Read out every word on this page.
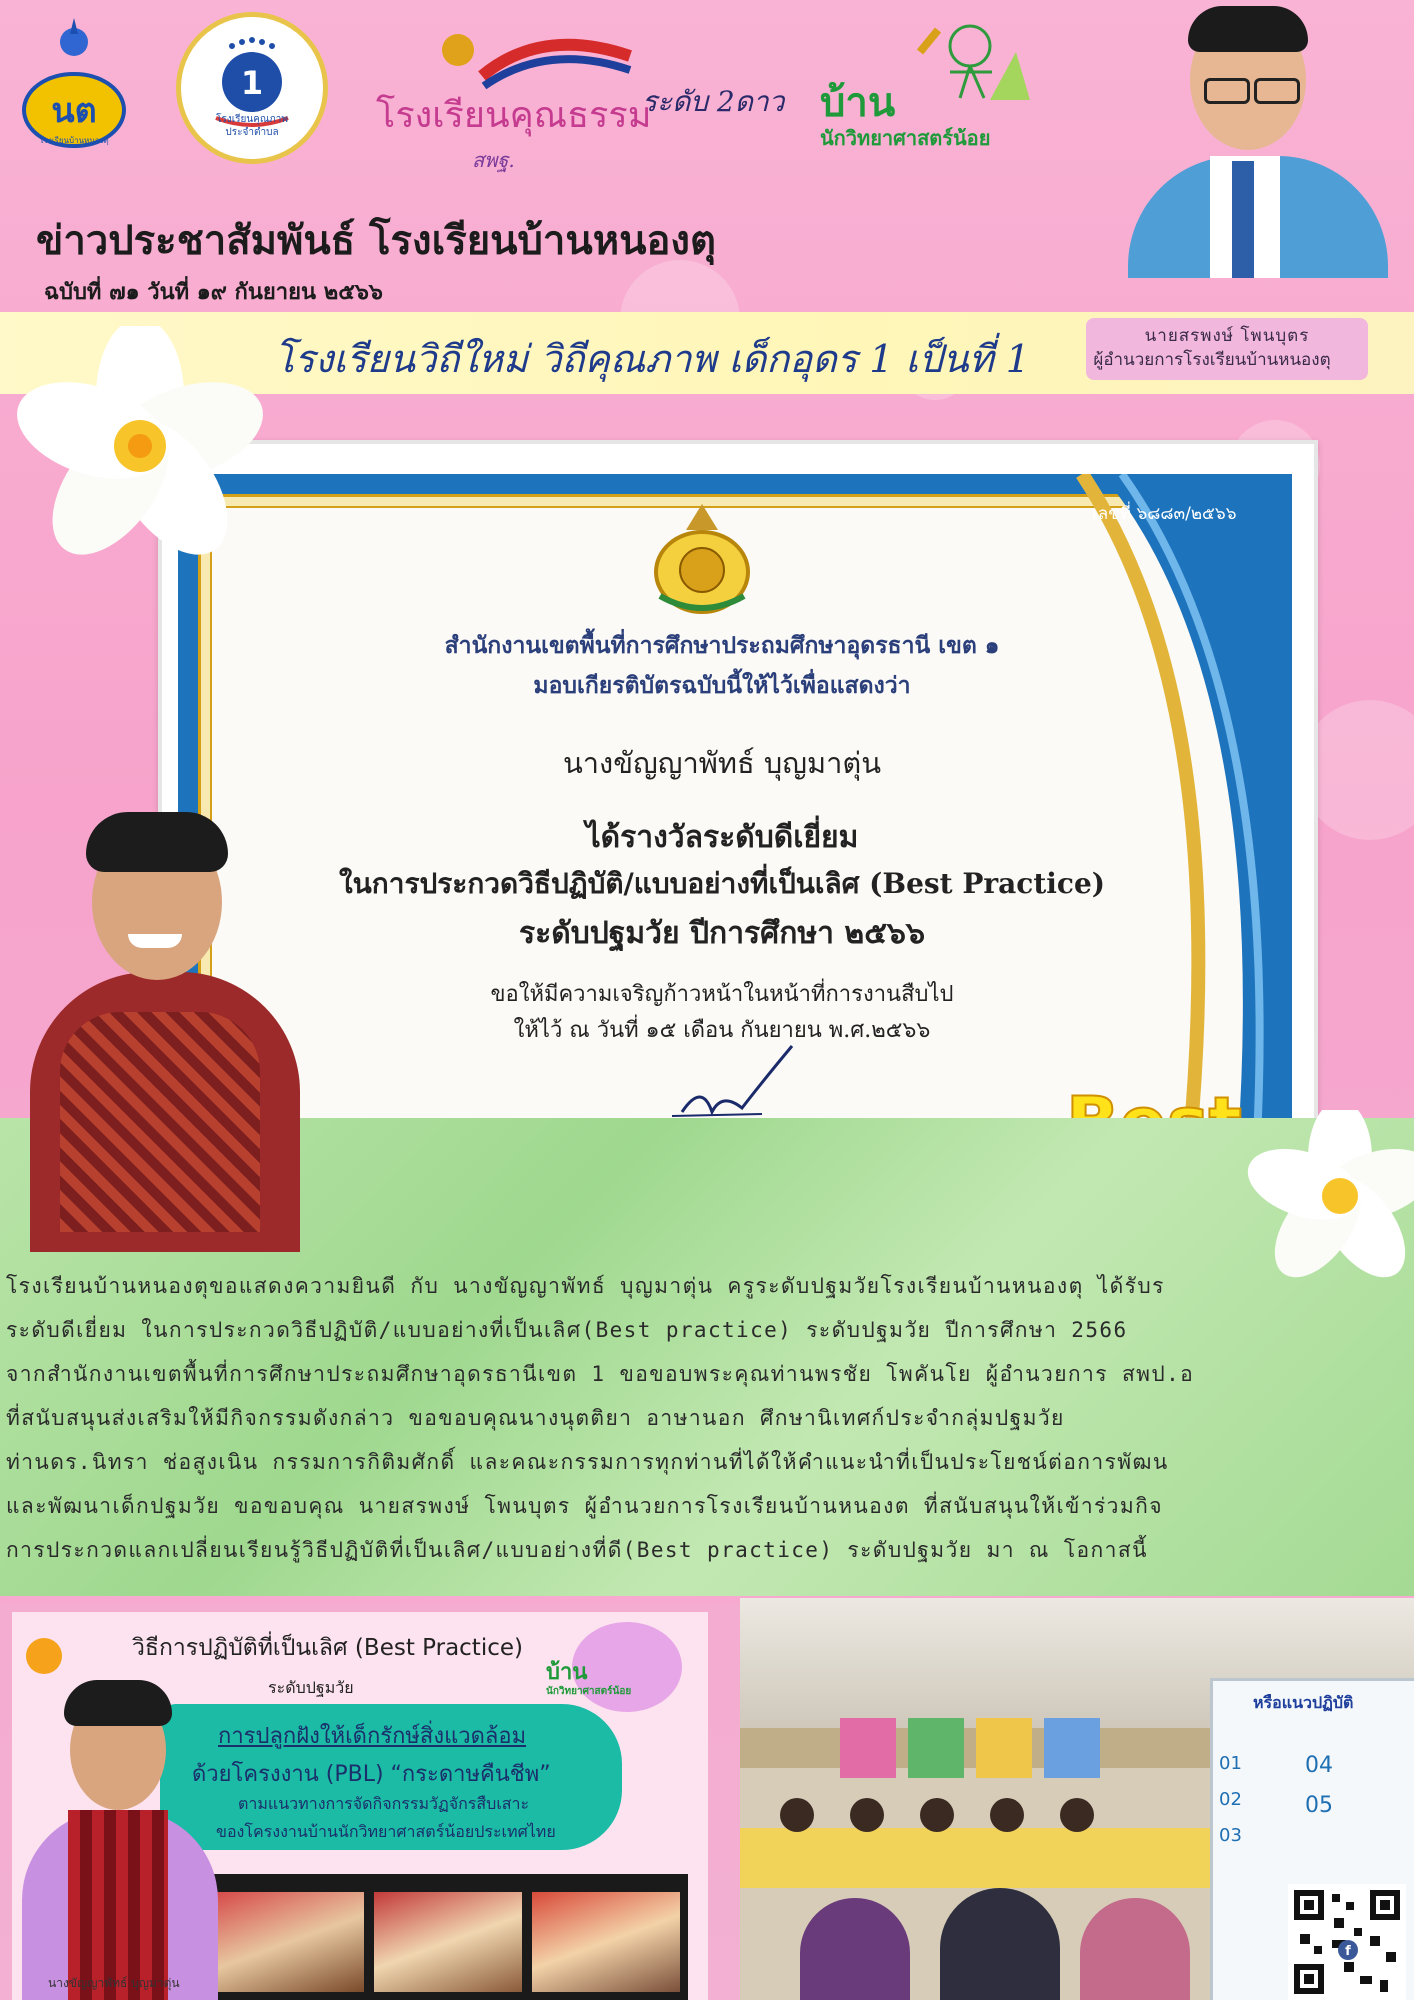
นต
โรงเรียนบ้านหนองตุ
1
โรงเรียนคุณภาพ ประจำตำบล	โรงเรียนคุณธรรม
สพฐ.
ระดับ 2ดาว บ้าน
นักวิทยาศาสตร์น้อย
ข่าวประชาสัมพันธ์ โรงเรียนบ้านหนองตุ
ฉบับที่ ๗๑ วันที่ ๑๙ กันยายน ๒๕๖๖
โรงเรียนวิถีใหม่ วิถีคุณภาพ เด็กอุดร 1 เป็นที่ 1
นายสรพงษ์ โพนบุตร
ผู้อำนวยการโรงเรียนบ้านหนองตุ
เลขที่ ๖๘๘๓/๒๕๖๖
สำนักงานเขตพื้นที่การศึกษาประถมศึกษาอุดรธานี เขต ๑
มอบเกียรติบัตรฉบับนี้ให้ไว้เพื่อแสดงว่า
นางขัญญาพัทธ์ บุญมาตุ่น
ได้รางวัลระดับดีเยี่ยม
ในการประกวดวิธีปฏิบัติ/แบบอย่างที่เป็นเลิศ (Best Practice)
ระดับปฐมวัย ปีการศึกษา ๒๕๖๖
ขอให้มีความเจริญก้าวหน้าในหน้าที่การงานสืบไป
ให้ไว้ ณ วันที่ ๑๕ เดือน กันยายน พ.ศ.๒๕๖๖
โรงเรียนบ้านหนองตุขอแสดงความยินดี กับ นางขัญญาพัทธ์ บุญมาตุ่น ครูระดับปฐมวัยโรงเรียนบ้านหนองตุ ได้รับร
ระดับดีเยี่ยม ในการประกวดวิธีปฏิบัติ/แบบอย่างที่เป็นเลิศ(Best practice) ระดับปฐมวัย ปีการศึกษา 2566
จากสำนักงานเขตพื้นที่การศึกษาประถมศึกษาอุดรธานีเขต 1 ขอขอบพระคุณท่านพรชัย โพคันโย ผู้อำนวยการ สพป.อ
ที่สนับสนุนส่งเสริมให้มีกิจกรรมดังกล่าว ขอขอบคุณนางนุตติยา อาษานอก ศึกษานิเทศก์ประจำกลุ่มปฐมวัย
ท่านดร.นิทรา ช่อสูงเนิน กรรมการกิติมศักดิ์ และคณะกรรมการทุกท่านที่ได้ให้คำแนะนำที่เป็นประโยชน์ต่อการพัฒน
และพัฒนาเด็กปฐมวัย ขอขอบคุณ นายสรพงษ์ โพนบุตร ผู้อำนวยการโรงเรียนบ้านหนองต ที่สนับสนุนให้เข้าร่วมกิจ
การประกวดแลกเปลี่ยนเรียนรู้วิธีปฏิบัติที่เป็นเลิศ/แบบอย่างที่ดี(Best practice) ระดับปฐมวัย มา ณ โอกาสนี้
วิธีการปฏิบัติที่เป็นเลิศ (Best Practice)
ระดับปฐมวัย
บ้าน
นักวิทยาศาสตร์น้อย
การปลูกฝังให้เด็กรักษ์สิ่งแวดล้อม
ด้วยโครงงาน (PBL) “กระดาษคืนชีพ”
ตามแนวทางการจัดกิจกรรมวัฏจักรสืบเสาะ
ของโครงงานบ้านนักวิทยาศาสตร์น้อยประเทศไทย
นางขัญญาพัทธ์ บุญมาตุ่น
หรือแนวปฏิบัติ
01
02
03
04
05
f
